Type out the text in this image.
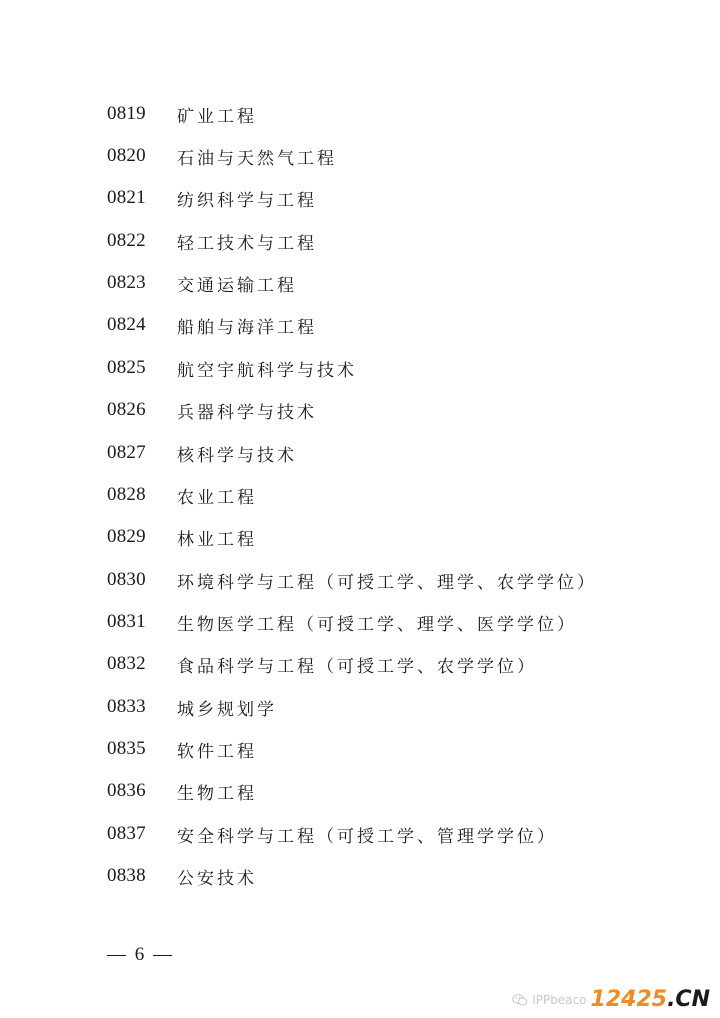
0819	矿业工程
0820	石油与天然气工程
0821	纺织科学与工程
0822	轻工技术与工程
0823	交通运输工程
0824	船舶与海洋工程
0825	航空宇航科学与技术
0826	兵器科学与技术
0827	核科学与技术
0828	农业工程
0829	林业工程
0830	环境科学与工程（可授工学、理学、农学学位）
0831	生物医学工程（可授工学、理学、医学学位）
0832	食品科学与工程（可授工学、农学学位）
0833	城乡规划学
0835	软件工程
0836	生物工程
0837	安全科学与工程（可授工学、管理学学位）
0838	公安技术
— 6 —
IPPbeaco 12425.CN
